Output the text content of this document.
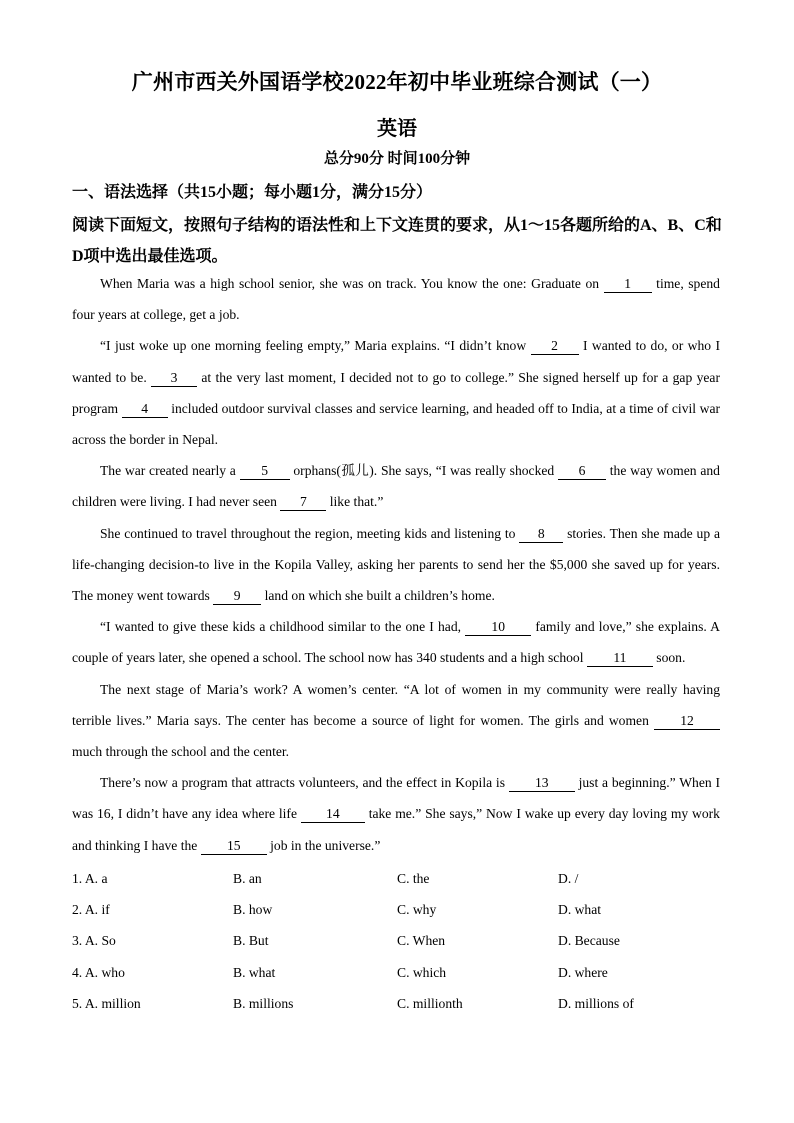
广州市西关外国语学校2022年初中毕业班综合测试（一）
英语
总分90分 时间100分钟
一、语法选择（共15小题；每小题1分，满分15分）
阅读下面短文，按照句子结构的语法性和上下文连贯的要求，从1～15各题所给的A、B、C和D项中选出最佳选项。

When Maria was a high school senior, she was on track. You know the one: Graduate on 1 time, spend four years at college, get a job.

“I just woke up one morning feeling empty,” Maria explains. “I didn’t know 2 I wanted to do, or who I wanted to be. 3 at the very last moment, I decided not to go to college.” She signed herself up for a gap year program 4 included outdoor survival classes and service learning, and headed off to India, at a time of civil war across the border in Nepal.

The war created nearly a 5 orphans(孤儿). She says, “I was really shocked 6 the way women and children were living. I had never seen 7 like that.”

She continued to travel throughout the region, meeting kids and listening to 8 stories. Then she made up a life-changing decision-to live in the Kopila Valley, asking her parents to send her the $5,000 she saved up for years. The money went towards 9 land on which she built a children’s home.

“I wanted to give these kids a childhood similar to the one I had, 10 family and love,” she explains. A couple of years later, she opened a school. The school now has 340 students and a high school 11 soon.

The next stage of Maria’s work? A women’s center. “A lot of women in my community were really having terrible lives.” Maria says. The center has become a source of light for women. The girls and women 12 much through the school and the center.

There’s now a program that attracts volunteers, and the effect in Kopila is 13 just a beginning.” When I was 16, I didn’t have any idea where life 14 take me.” She says,” Now I wake up every day loving my work and thinking I have the 15 job in the universe.”

1. A. a	B. an	C. the	D. /
2. A. if	B. how	C. why	D. what
3. A. So	B. But	C. When	D. Because
4. A. who	B. what	C. which	D. where
5. A. million	B. millions	C. millionth	D. millions of
